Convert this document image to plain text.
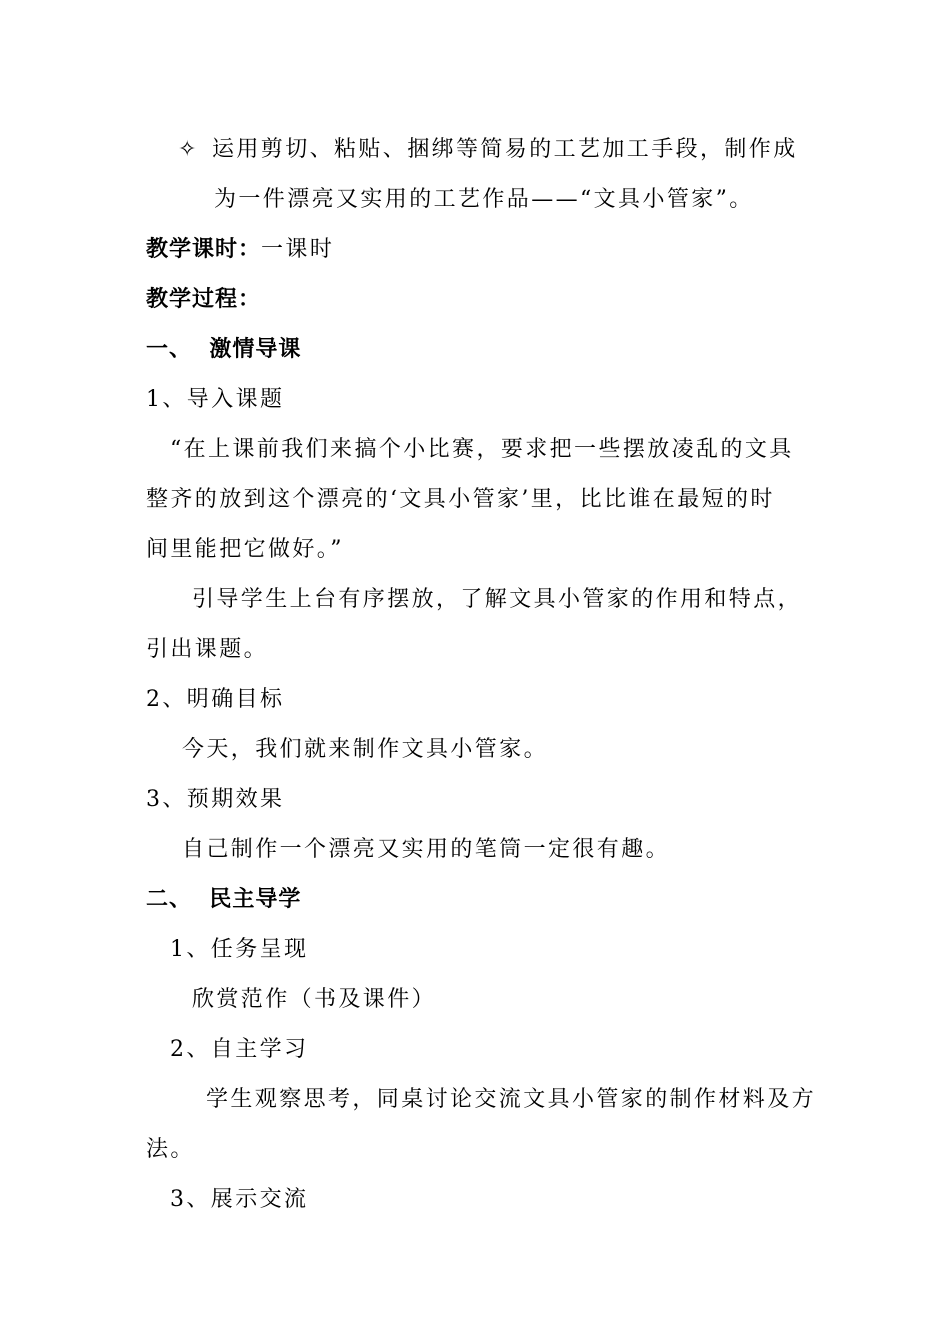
✧ 运用剪切、粘贴、捆绑等简易的工艺加工手段，制作成
为一件漂亮又实用的工艺作品——“文具小管家”。
教学课时：一课时
教学过程：
一、  激情导课
1、导入课题
“在上课前我们来搞个小比赛，要求把一些摆放凌乱的文具
整齐的放到这个漂亮的‘文具小管家’里，比比谁在最短的时
间里能把它做好。”
引导学生上台有序摆放，了解文具小管家的作用和特点，
引出课题。
2、明确目标
今天，我们就来制作文具小管家。
3、预期效果
自己制作一个漂亮又实用的笔筒一定很有趣。
二、  民主导学
1、任务呈现
欣赏范作（书及课件）
2、自主学习
学生观察思考，同桌讨论交流文具小管家的制作材料及方
法。
3、展示交流
